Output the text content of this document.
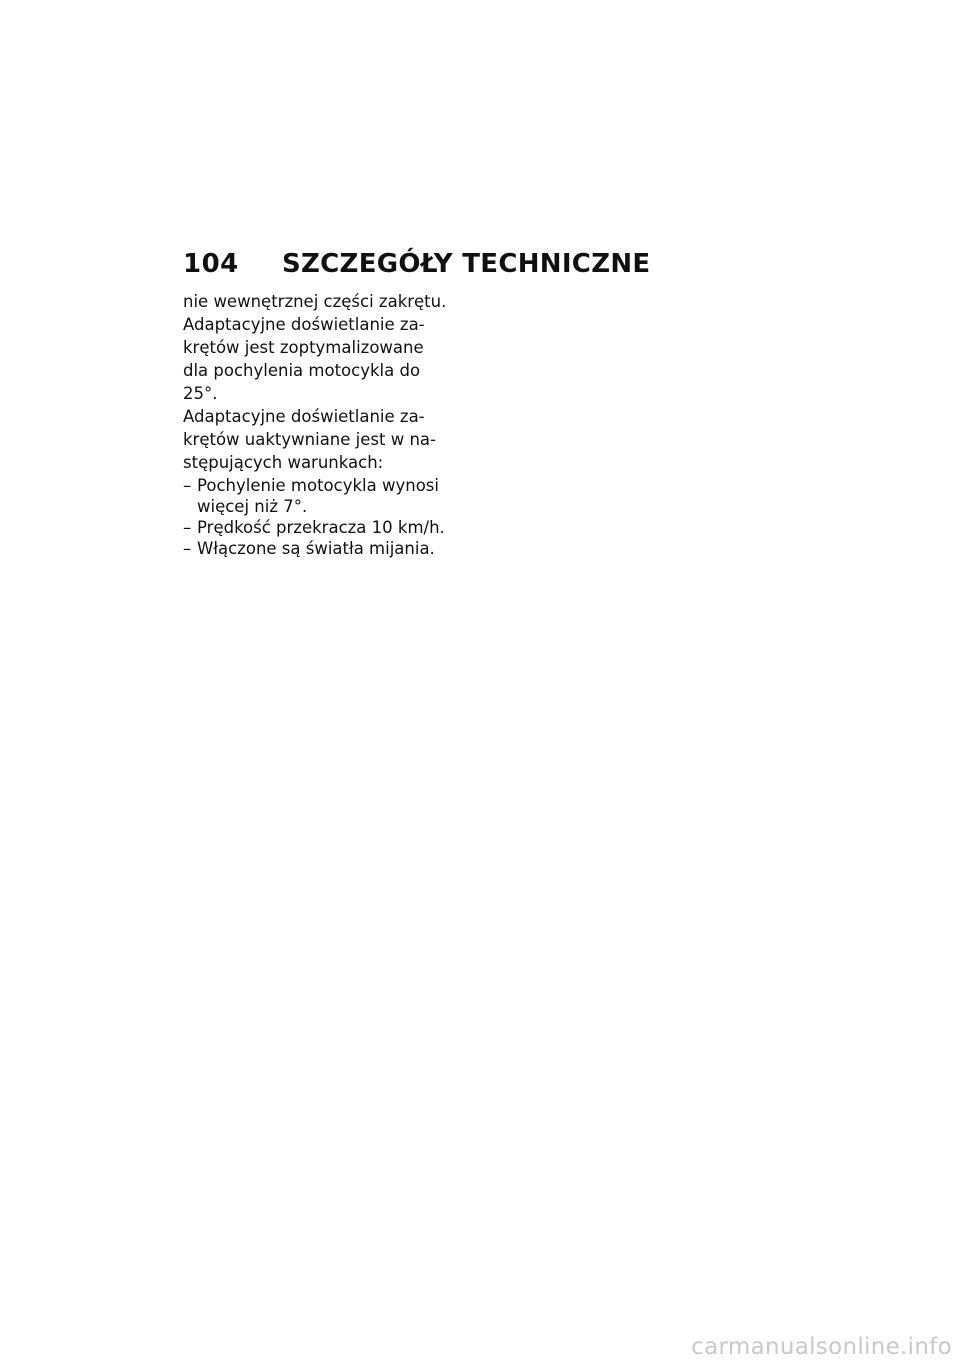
104 SZCZEGÓŁY TECHNICZNE
nie wewnętrznej części zakrętu.
Adaptacyjne doświetlanie za-
krętów jest zoptymalizowane
dla pochylenia motocykla do
25°.
Adaptacyjne doświetlanie za-
krętów uaktywniane jest w na-
stępujących warunkach:
– Pochylenie motocykla wynosi
więcej niż 7°.
– Prędkość przekracza 10 km/h.
– Włączone są światła mijania.
carmanualsonline.info
